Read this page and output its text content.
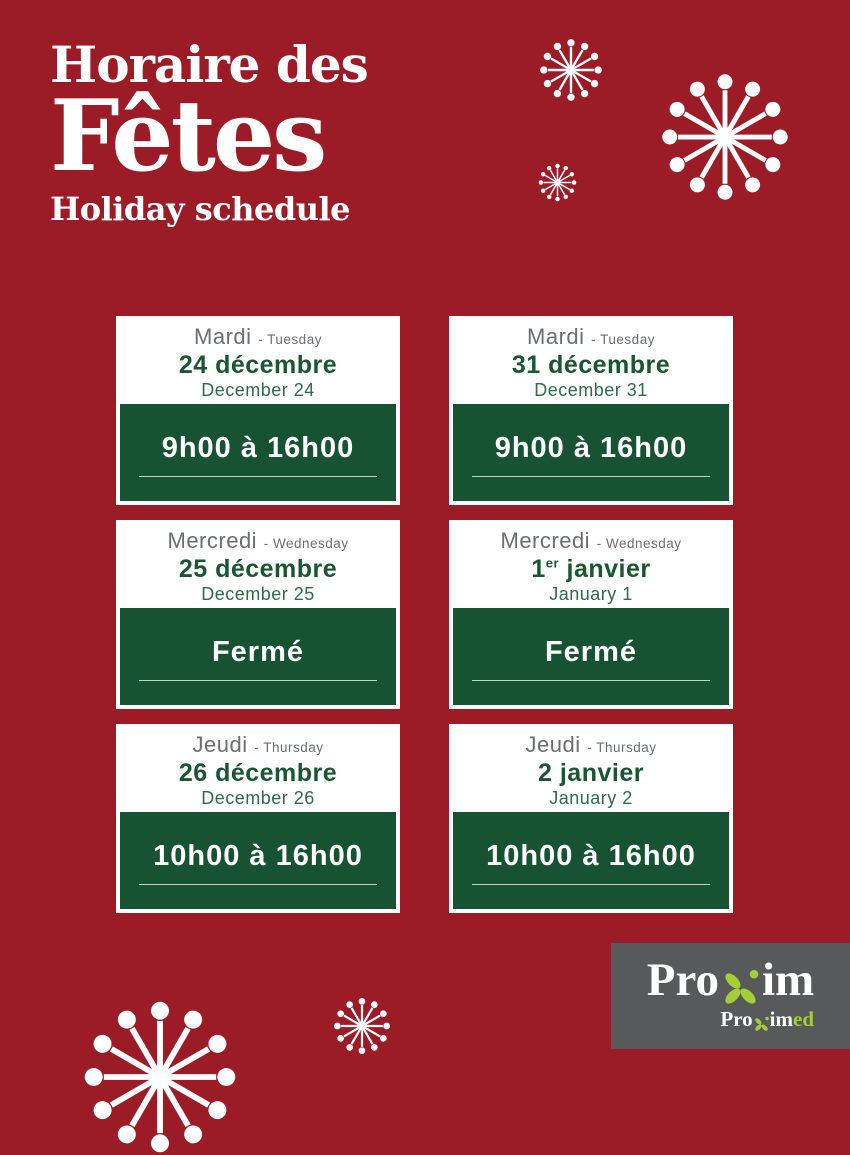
Horaire des
Fêtes
Holiday schedule
Mardi - Tuesday
24 décembre
December 24
9h00 à 16h00
Mardi - Tuesday
31 décembre
December 31
9h00 à 16h00
Mercredi - Wednesday
25 décembre
December 25
Fermé
Mercredi - Wednesday
1er janvier
January 1
Fermé
Jeudi - Thursday
26 décembre
December 26
10h00 à 16h00
Jeudi - Thursday
2 janvier
January 2
10h00 à 16h00
Pro im
Pro im ed
